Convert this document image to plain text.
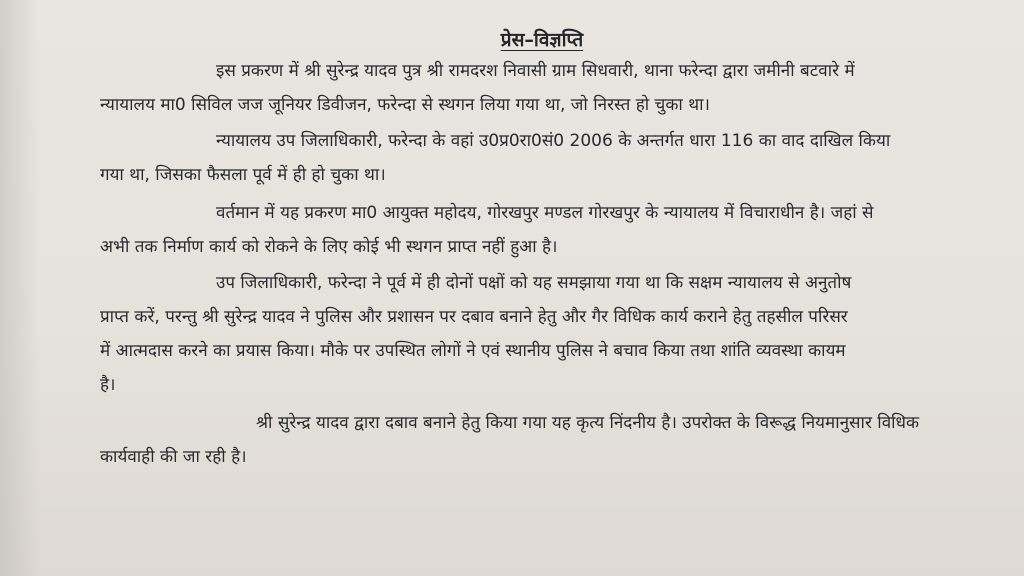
प्रेस–विज्ञप्ति
इस प्रकरण में श्री सुरेन्द्र यादव पुत्र श्री रामदरश निवासी ग्राम सिधवारी, थाना फरेन्दा द्वारा जमीनी बटवारे में
न्यायालय मा0 सिविल जज जूनियर डिवीजन, फरेन्दा से स्थगन लिया गया था, जो निरस्त हो चुका था।
न्यायालय उप जिलाधिकारी, फरेन्दा के वहां उ0प्र0रा0सं0 2006 के अन्तर्गत धारा 116 का वाद दाखिल किया
गया था, जिसका फैसला पूर्व में ही हो चुका था।
वर्तमान में यह प्रकरण मा0 आयुक्त महोदय, गोरखपुर मण्डल गोरखपुर के न्यायालय में विचाराधीन है। जहां से
अभी तक निर्माण कार्य को रोकने के लिए कोई भी स्थगन प्राप्त नहीं हुआ है।
उप जिलाधिकारी, फरेन्दा ने पूर्व में ही दोनों पक्षों को यह समझाया गया था कि सक्षम न्यायालय से अनुतोष
प्राप्त करें, परन्तु श्री सुरेन्द्र यादव ने पुलिस और प्रशासन पर दबाव बनाने हेतु और गैर विधिक कार्य कराने हेतु तहसील परिसर
में आत्मदास करने का प्रयास किया। मौके पर उपस्थित लोगों ने एवं स्थानीय पुलिस ने बचाव किया तथा शांति व्यवस्था कायम
है।
श्री सुरेन्द्र यादव द्वारा दबाव बनाने हेतु किया गया यह कृत्य निंदनीय है। उपरोक्त के विरूद्ध नियमानुसार विधिक
कार्यवाही की जा रही है।
